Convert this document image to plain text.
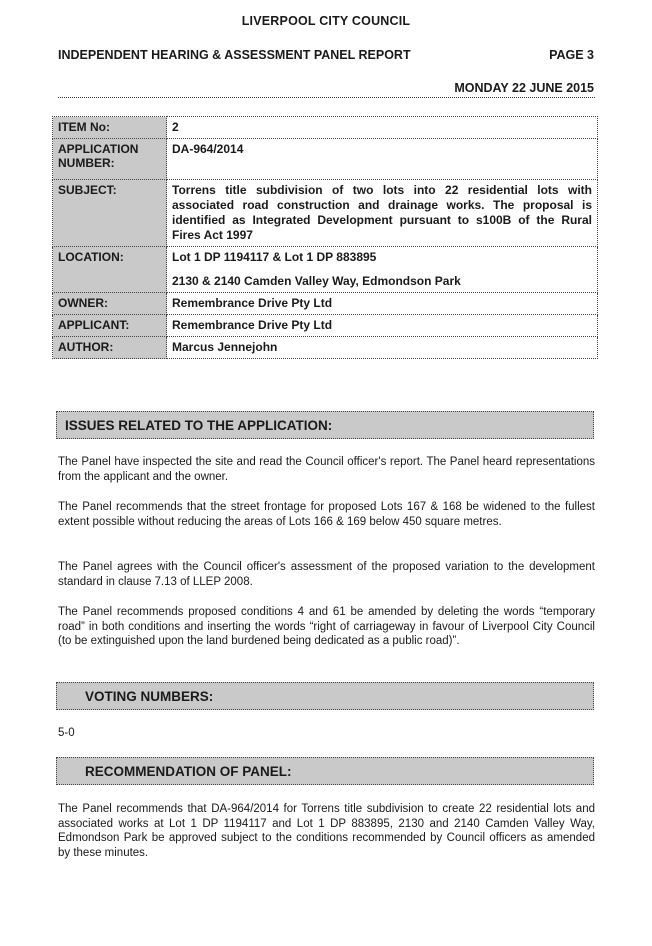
LIVERPOOL CITY COUNCIL
INDEPENDENT HEARING & ASSESSMENT PANEL REPORT	PAGE 3
MONDAY 22 JUNE 2015
ITEM No:	2
APPLICATION NUMBER:	DA-964/2014
SUBJECT:	Torrens title subdivision of two lots into 22 residential lots with associated road construction and drainage works. The proposal is identified as Integrated Development pursuant to s100B of the Rural Fires Act 1997
LOCATION:	Lot 1 DP 1194117 & Lot 1 DP 883895
2130 & 2140 Camden Valley Way, Edmondson Park

OWNER:	Remembrance Drive Pty Ltd
APPLICANT:	Remembrance Drive Pty Ltd
AUTHOR:	Marcus Jennejohn
ISSUES RELATED TO THE APPLICATION:

The Panel have inspected the site and read the Council officer's report. The Panel heard representations from the applicant and the owner.

The Panel recommends that the street frontage for proposed Lots 167 & 168 be widened to the fullest extent possible without reducing the areas of Lots 166 & 169 below 450 square metres.

The Panel agrees with the Council officer's assessment of the proposed variation to the development standard in clause 7.13 of LLEP 2008.

The Panel recommends proposed conditions 4 and 61 be amended by deleting the words “temporary road” in both conditions and inserting the words “right of carriageway in favour of Liverpool City Council (to be extinguished upon the land burdened being dedicated as a public road)”.

VOTING NUMBERS:

5-0

RECOMMENDATION OF PANEL:

The Panel recommends that DA-964/2014 for Torrens title subdivision to create 22 residential lots and associated works at Lot 1 DP 1194117 and Lot 1 DP 883895, 2130 and 2140 Camden Valley Way, Edmondson Park be approved subject to the conditions recommended by Council officers as amended by these minutes.
